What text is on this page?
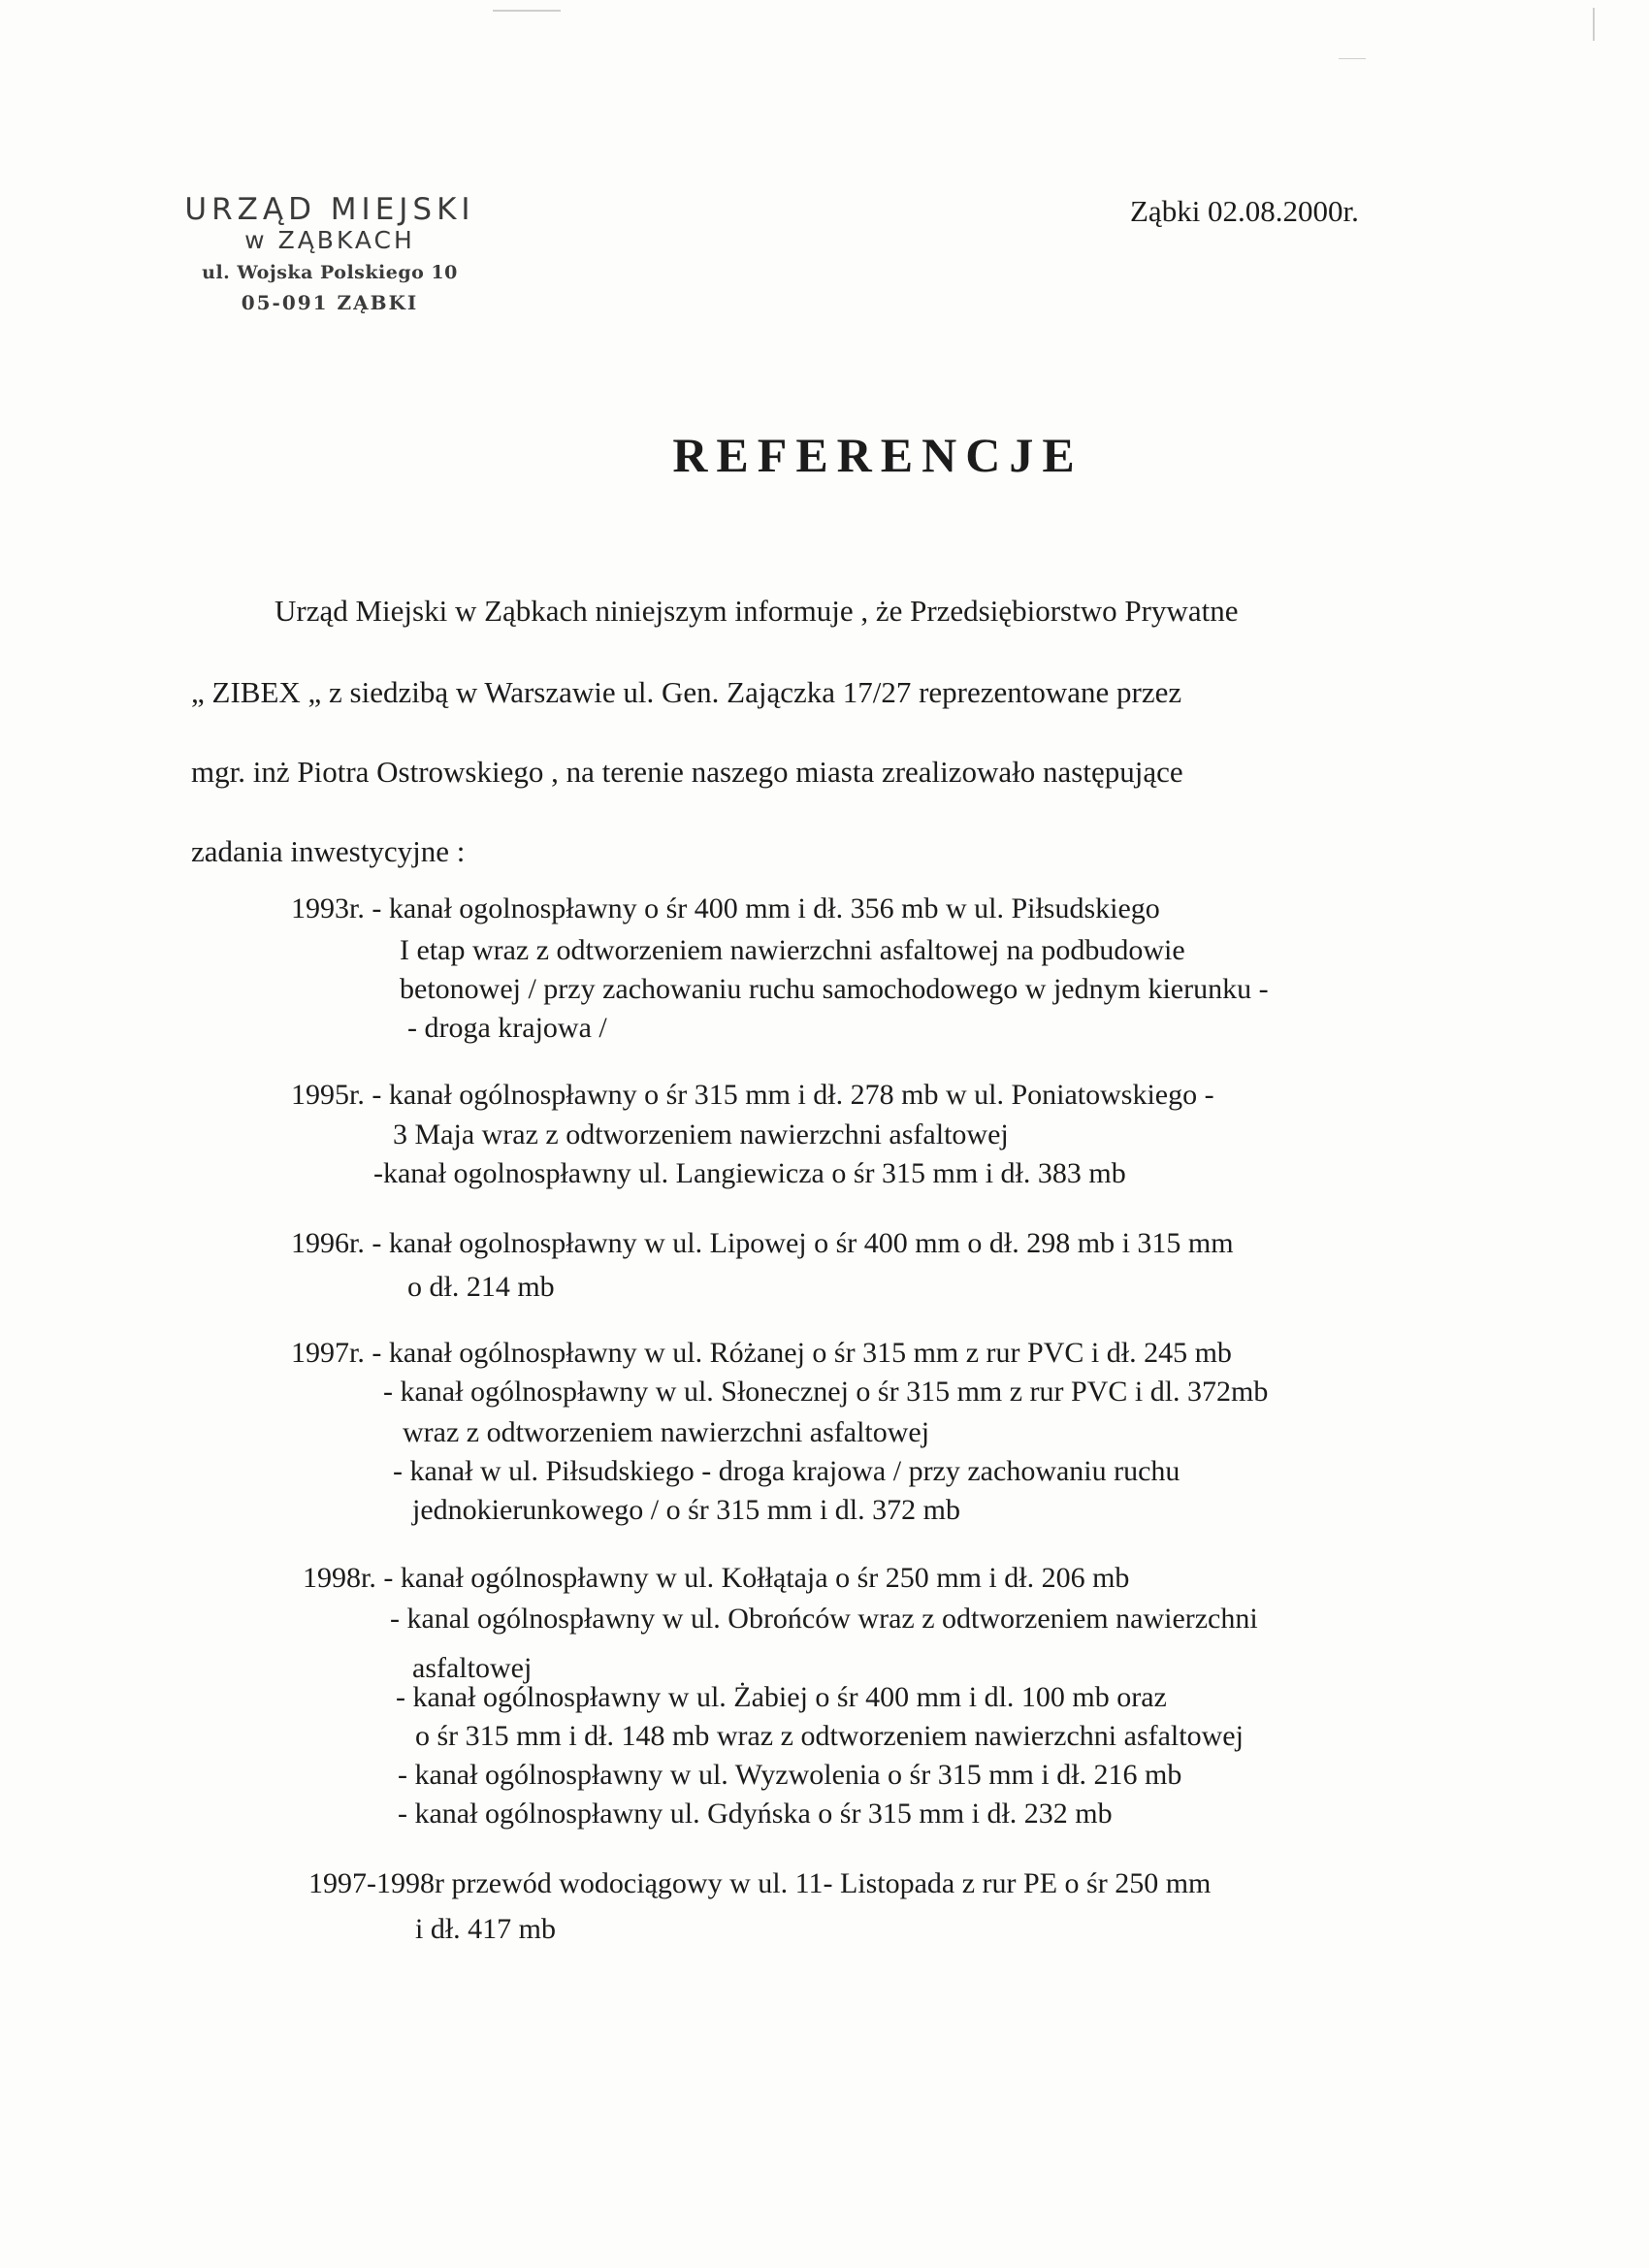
URZĄD MIEJSKI
w ZĄBKACH
ul. Wojska Polskiego 10
05-091 ZĄBKI
Ząbki 02.08.2000r.
REFERENCJE
Urząd Miejski w Ząbkach niniejszym informuje , że Przedsiębiorstwo Prywatne
„ ZIBEX „ z siedzibą w Warszawie ul. Gen. Zajączka 17/27 reprezentowane przez
mgr. inż Piotra Ostrowskiego , na terenie naszego miasta zrealizowało następujące
zadania inwestycyjne :
1993r. - kanał ogolnospławny o śr 400 mm i dł. 356 mb w ul. Piłsudskiego
I etap wraz z odtworzeniem nawierzchni asfaltowej na podbudowie
betonowej / przy zachowaniu ruchu samochodowego w jednym kierunku -
- droga krajowa /
1995r. - kanał ogólnospławny o śr 315 mm i dł. 278 mb w ul. Poniatowskiego -
3 Maja wraz z odtworzeniem nawierzchni asfaltowej
-kanał ogolnospławny ul. Langiewicza o śr 315 mm i dł. 383 mb
1996r. - kanał ogolnospławny w ul. Lipowej o śr 400 mm o dł. 298 mb i 315 mm
o dł. 214 mb
1997r. - kanał ogólnospławny w ul. Różanej o śr 315 mm z rur PVC i dł. 245 mb
- kanał ogólnospławny w ul. Słonecznej o śr 315 mm z rur PVC i dl. 372mb
wraz z odtworzeniem nawierzchni asfaltowej
- kanał w ul. Piłsudskiego - droga krajowa / przy zachowaniu ruchu
jednokierunkowego / o śr 315 mm i dl. 372 mb
1998r. - kanał ogólnospławny w ul. Kołłątaja o śr 250 mm i dł. 206 mb
- kanal ogólnospławny w ul. Obrońców wraz z odtworzeniem nawierzchni
asfaltowej
- kanał ogólnospławny w ul. Żabiej o śr 400 mm i dl. 100 mb oraz
o śr 315 mm i dł. 148 mb wraz z odtworzeniem nawierzchni asfaltowej
- kanał ogólnospławny w ul. Wyzwolenia o śr 315 mm i dł. 216 mb
- kanał ogólnospławny ul. Gdyńska o śr 315 mm i dł. 232 mb
1997-1998r przewód wodociągowy w ul. 11- Listopada z rur PE o śr 250 mm
i dł. 417 mb
